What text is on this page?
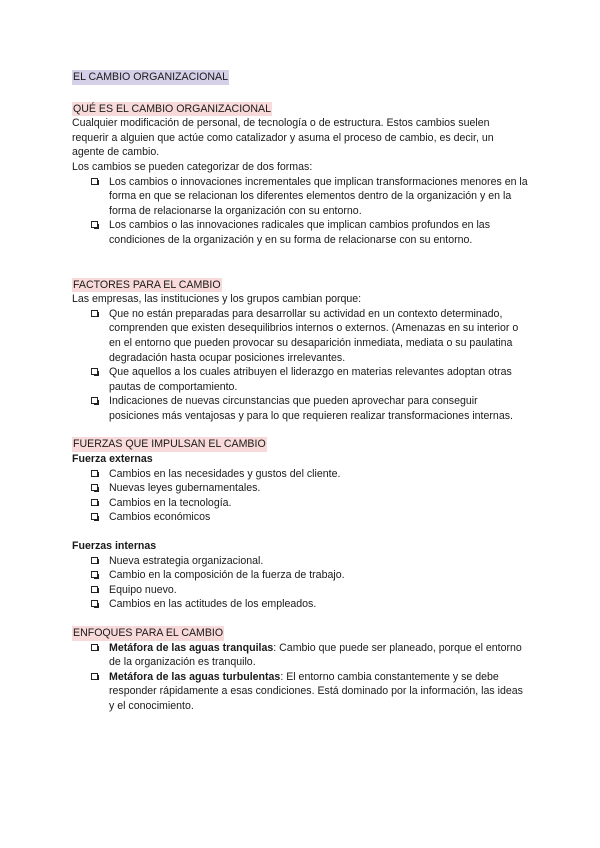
EL CAMBIO ORGANIZACIONAL
QUÉ ES EL CAMBIO ORGANIZACIONAL
Cualquier modificación de personal, de tecnología o de estructura. Estos cambios suelen requerir a alguien que actúe como catalizador y asuma el proceso de cambio, es decir, un agente de cambio.
Los cambios se pueden categorizar de dos formas:
Los cambios o innovaciones incrementales que implican transformaciones menores en la forma en que se relacionan los diferentes elementos dentro de la organización y en la forma de relacionarse la organización con su entorno.
Los cambios o las innovaciones radicales que implican cambios profundos en las condiciones de la organización y en su forma de relacionarse con su entorno.
FACTORES PARA EL CAMBIO
Las empresas, las instituciones y los grupos cambian porque:
Que no están preparadas para desarrollar su actividad en un contexto determinado, comprenden que existen desequilibrios internos o externos. (Amenazas en su interior o en el entorno que pueden provocar su desaparición inmediata, mediata o su paulatina degradación hasta ocupar posiciones irrelevantes.
Que aquellos a los cuales atribuyen el liderazgo en materias relevantes adoptan otras pautas de comportamiento.
Indicaciones de nuevas circunstancias que pueden aprovechar para conseguir posiciones más ventajosas y para lo que requieren realizar transformaciones internas.
FUERZAS QUE IMPULSAN EL CAMBIO
Fuerza externas
Cambios en las necesidades y gustos del cliente.
Nuevas leyes gubernamentales.
Cambios en la tecnología.
Cambios económicos
Fuerzas internas
Nueva estrategia organizacional.
Cambio en la composición de la fuerza de trabajo.
Equipo nuevo.
Cambios en las actitudes de los empleados.
ENFOQUES PARA EL CAMBIO
Metáfora de las aguas tranquilas: Cambio que puede ser planeado, porque el entorno de la organización es tranquilo.
Metáfora de las aguas turbulentas: El entorno cambia constantemente y se debe responder rápidamente a esas condiciones. Está dominado por la información, las ideas y el conocimiento.
